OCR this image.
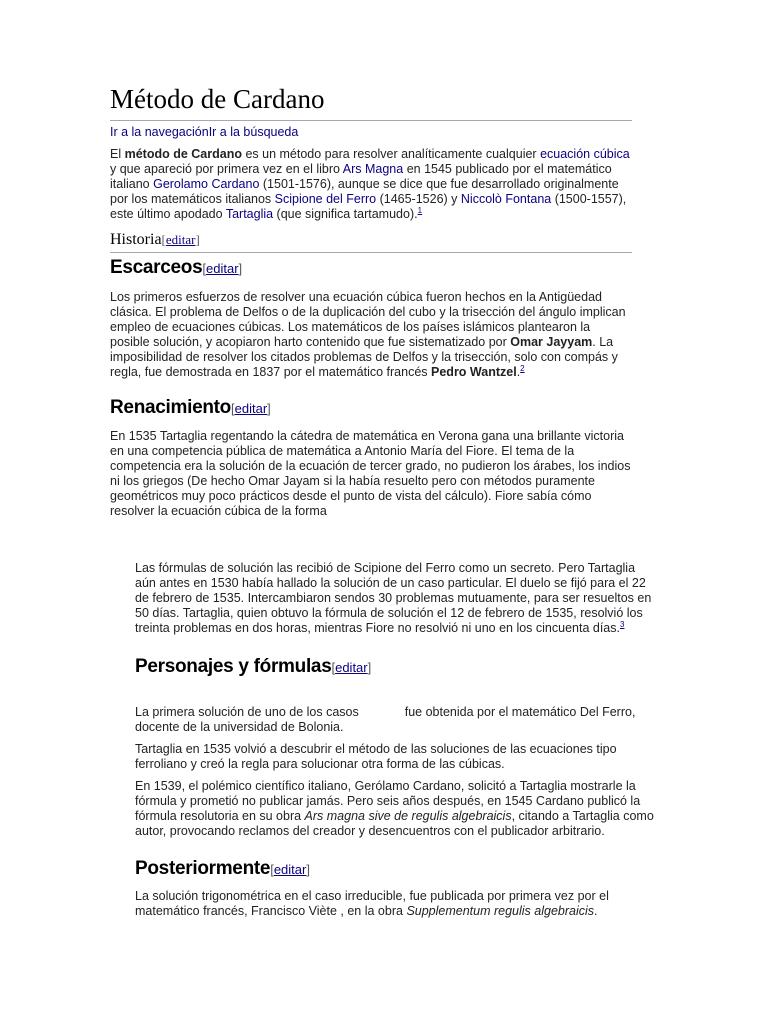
Método de Cardano
Ir a la navegaciónIr a la búsqueda

El método de Cardano es un método para resolver analíticamente cualquier ecuación cúbica y que apareció por primera vez en el libro Ars Magna en 1545 publicado por el matemático italiano Gerolamo Cardano (1501-1576), aunque se dice que fue desarrollado originalmente por los matemáticos italianos Scipione del Ferro (1465-1526) y Niccolò Fontana (1500-1557), este último apodado Tartaglia (que significa tartamudo).$^1$

Historia[editar]
Escarceos[editar]

Los primeros esfuerzos de resolver una ecuación cúbica fueron hechos en la Antigüedad clásica. El problema de Delfos o de la duplicación del cubo y la trisección del ángulo implican empleo de ecuaciones cúbicas. Los matemáticos de los países islámicos plantearon la posible solución, y acopiaron harto contenido que fue sistematizado por Omar Jayyam. La imposibilidad de resolver los citados problemas de Delfos y la trisección, solo con compás y regla, fue demostrada en 1837 por el matemático francés Pedro Wantzel.$^2$

Renacimiento[editar]

En 1535 Tartaglia regentando la cátedra de matemática en Verona gana una brillante victoria en una competencia pública de matemática a Antonio María del Fiore. El tema de la competencia era la solución de la ecuación de tercer grado, no pudieron los árabes, los indios ni los griegos (De hecho Omar Jayam si la había resuelto pero con métodos puramente geométricos muy poco prácticos desde el punto de vista del cálculo). Fiore sabía cómo resolver la ecuación cúbica de la forma

Las fórmulas de solución las recibió de Scipione del Ferro como un secreto. Pero Tartaglia aún antes en 1530 había hallado la solución de un caso particular. El duelo se fijó para el 22 de febrero de 1535. Intercambiaron sendos 30 problemas mutuamente, para ser resueltos en 50 días. Tartaglia, quien obtuvo la fórmula de solución el 12 de febrero de 1535, resolvió los treinta problemas en dos horas, mientras Fiore no resolvió ni uno en los cincuenta días.$^3$

Personajes y fórmulas[editar]

La primera solución de uno de los casos	fue obtenida por el matemático Del Ferro, docente de la universidad de Bolonia.

Tartaglia en 1535 volvió a descubrir el método de las soluciones de las ecuaciones tipo ferroliano y creó la regla para solucionar otra forma de las cúbicas.

En 1539, el polémico científico italiano, Gerólamo Cardano, solicitó a Tartaglia mostrarle la fórmula y prometió no publicar jamás. Pero seis años después, en 1545 Cardano publicó la fórmula resolutoria en su obra Ars magna sive de regulis algebraicis, citando a Tartaglia como autor, provocando reclamos del creador y desencuentros con el publicador arbitrario.

Posteriormente[editar]

La solución trigonométrica en el caso irreducible, fue publicada por primera vez por el matemático francés, Francisco Viète , en la obra Supplementum regulis algebraicis.
